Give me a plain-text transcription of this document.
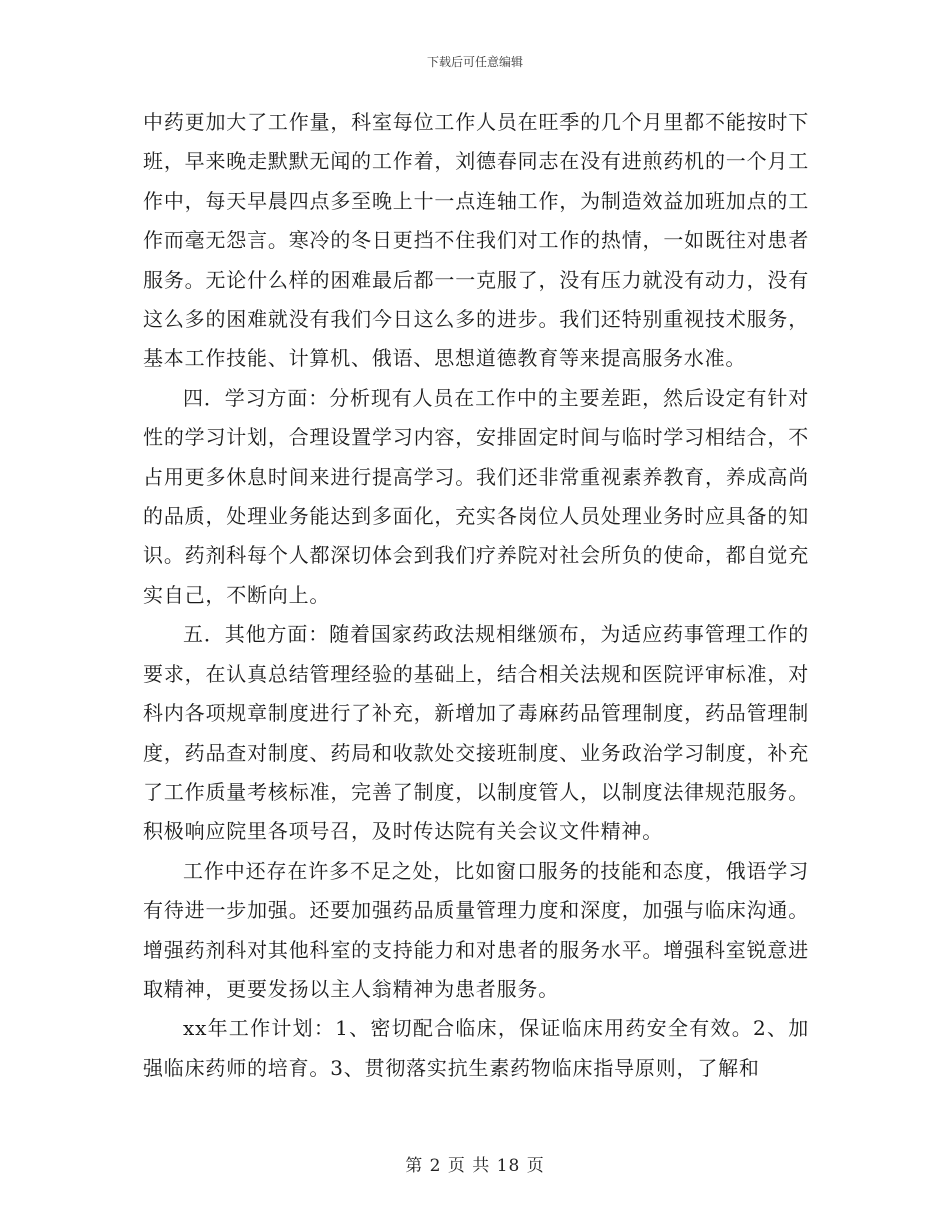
下载后可任意编辑

中药更加大了工作量，科室每位工作人员在旺季的几个月里都不能按时下班，早来晚走默默无闻的工作着，刘德春同志在没有进煎药机的一个月工作中，每天早晨四点多至晚上十一点连轴工作，为制造效益加班加点的工作而毫无怨言。寒冷的冬日更挡不住我们对工作的热情，一如既往对患者服务。无论什么样的困难最后都一一克服了，没有压力就没有动力，没有这么多的困难就没有我们今日这么多的进步。我们还特别重视技术服务，基本工作技能、计算机、俄语、思想道德教育等来提高服务水准。

四．学习方面：分析现有人员在工作中的主要差距，然后设定有针对性的学习计划，合理设置学习内容，安排固定时间与临时学习相结合，不占用更多休息时间来进行提高学习。我们还非常重视素养教育，养成高尚的品质，处理业务能达到多面化，充实各岗位人员处理业务时应具备的知识。药剂科每个人都深切体会到我们疗养院对社会所负的使命，都自觉充实自己，不断向上。

五．其他方面：随着国家药政法规相继颁布，为适应药事管理工作的要求，在认真总结管理经验的基础上，结合相关法规和医院评审标准，对科内各项规章制度进行了补充，新增加了毒麻药品管理制度，药品管理制度，药品查对制度、药局和收款处交接班制度、业务政治学习制度，补充了工作质量考核标准，完善了制度，以制度管人，以制度法律规范服务。积极响应院里各项号召，及时传达院有关会议文件精神。

工作中还存在许多不足之处，比如窗口服务的技能和态度，俄语学习有待进一步加强。还要加强药品质量管理力度和深度，加强与临床沟通。增强药剂科对其他科室的支持能力和对患者的服务水平。增强科室锐意进取精神，更要发扬以主人翁精神为患者服务。

xx年工作计划：1、密切配合临床，保证临床用药安全有效。2、加强临床药师的培育。3、贯彻落实抗生素药物临床指导原则，了解和

第 2 页 共 18 页
